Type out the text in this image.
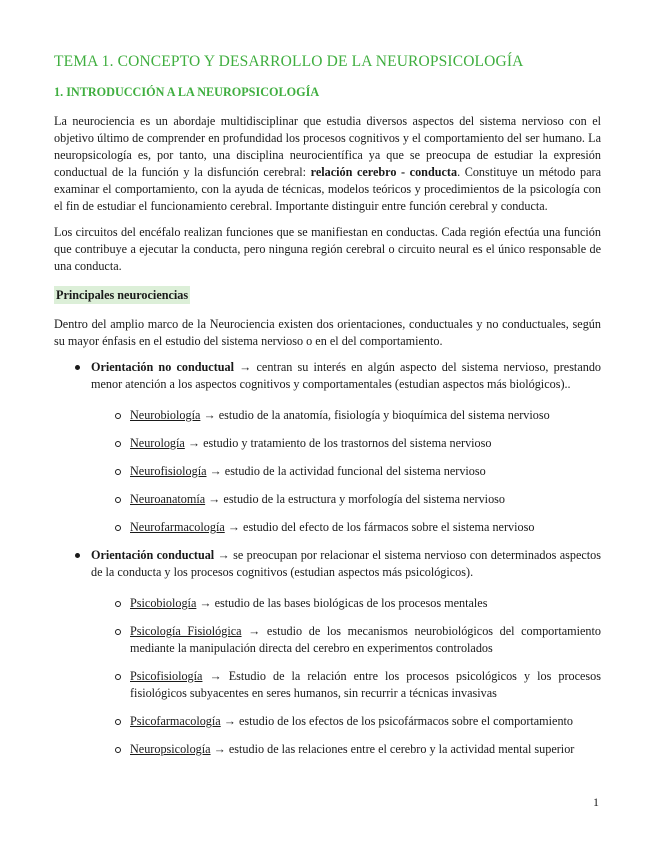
TEMA 1. CONCEPTO Y DESARROLLO DE LA NEUROPSICOLOGÍA
1. INTRODUCCIÓN A LA NEUROPSICOLOGÍA

La neurociencia es un abordaje multidisciplinar que estudia diversos aspectos del sistema nervioso con el objetivo último de comprender en profundidad los procesos cognitivos y el comportamiento del ser humano. La neuropsicología es, por tanto, una disciplina neurocientífica ya que se preocupa de estudiar la expresión conductual de la función y la disfunción cerebral: relación cerebro - conducta. Constituye un método para examinar el comportamiento, con la ayuda de técnicas, modelos teóricos y procedimientos de la psicología con el fin de estudiar el funcionamiento cerebral. Importante distinguir entre función cerebral y conducta.

Los circuitos del encéfalo realizan funciones que se manifiestan en conductas. Cada región efectúa una función que contribuye a ejecutar la conducta, pero ninguna región cerebral o circuito neural es el único responsable de una conducta.

Principales neurociencias

Dentro del amplio marco de la Neurociencia existen dos orientaciones, conductuales y no conductuales, según su mayor énfasis en el estudio del sistema nervioso o en el del comportamiento.

Orientación no conductual → centran su interés en algún aspecto del sistema nervioso, prestando menor atención a los aspectos cognitivos y comportamentales (estudian aspectos más biológicos)..
Neurobiología → estudio de la anatomía, fisiología y bioquímica del sistema nervioso
Neurología → estudio y tratamiento de los trastornos del sistema nervioso
Neurofisiología → estudio de la actividad funcional del sistema nervioso
Neuroanatomía → estudio de la estructura y morfología del sistema nervioso
Neurofarmacología → estudio del efecto de los fármacos sobre el sistema nervioso
Orientación conductual → se preocupan por relacionar el sistema nervioso con determinados aspectos de la conducta y los procesos cognitivos (estudian aspectos más psicológicos).
Psicobiología → estudio de las bases biológicas de los procesos mentales
Psicología Fisiológica → estudio de los mecanismos neurobiológicos del comportamiento mediante la manipulación directa del cerebro en experimentos controlados
Psicofisiología → Estudio de la relación entre los procesos psicológicos y los procesos fisiológicos subyacentes en seres humanos, sin recurrir a técnicas invasivas
Psicofarmacología → estudio de los efectos de los psicofármacos sobre el comportamiento
Neuropsicología → estudio de las relaciones entre el cerebro y la actividad mental superior
1
